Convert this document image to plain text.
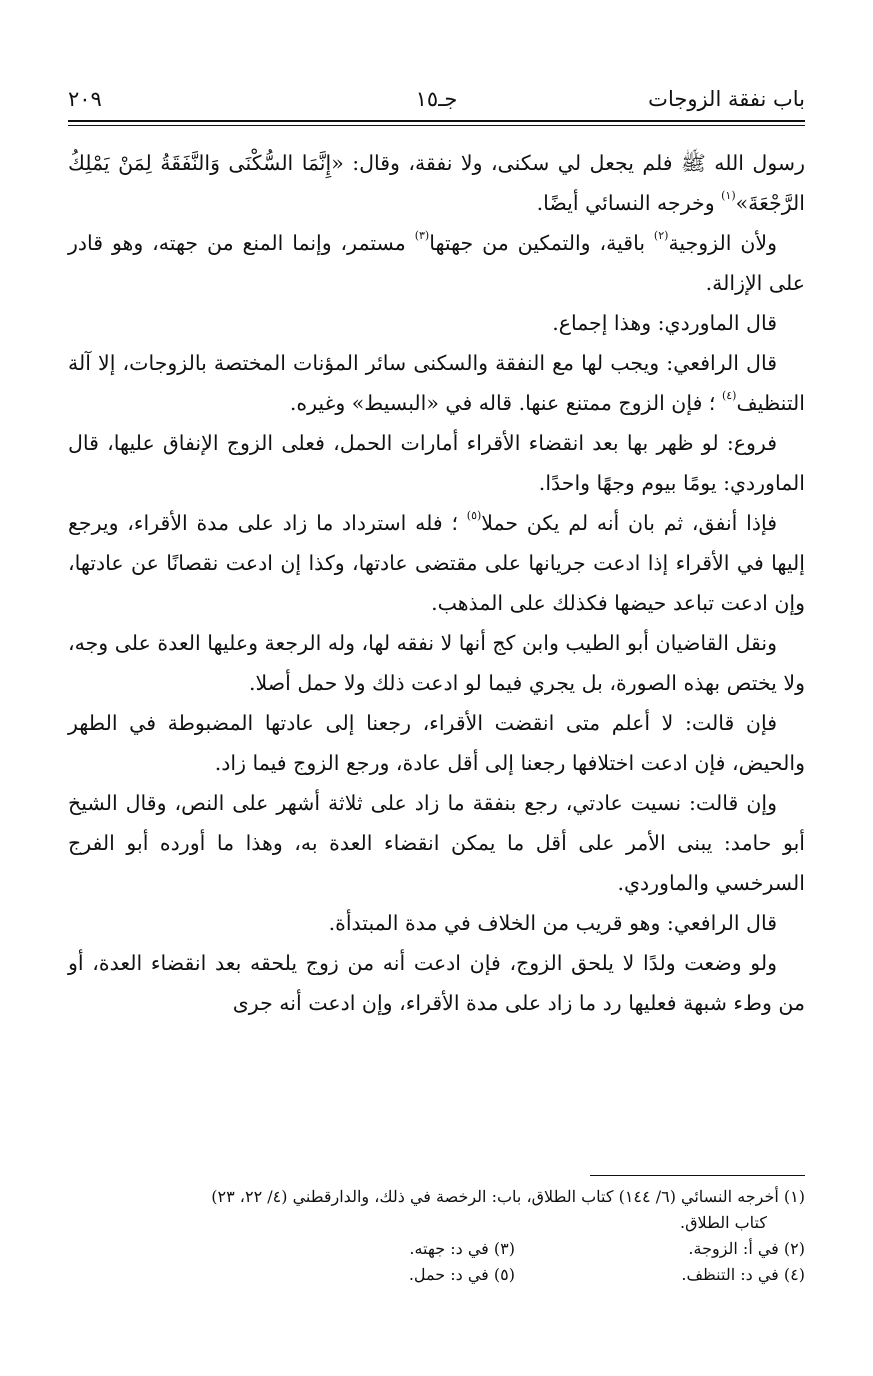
باب نفقة الزوجات
جـ١٥
٢٠٩

رسول الله ﷺ فلم يجعل لي سكنى، ولا نفقة، وقال: «إِنَّمَا السُّكْنَى وَالنَّفَقَةُ لِمَنْ يَمْلِكُ الرَّجْعَةَ»$^{(١)}$ وخرجه النسائي أيضًا.

ولأن الزوجية$^{(٢)}$ باقية، والتمكين من جهتها$^{(٣)}$ مستمر، وإنما المنع من جهته، وهو قادر على الإزالة.

قال الماوردي: وهذا إجماع.

قال الرافعي: ويجب لها مع النفقة والسكنى سائر المؤنات المختصة بالزوجات، إلا آلة التنظيف$^{(٤)}$ ؛ فإن الزوج ممتنع عنها. قاله في «البسيط» وغيره.

فروع: لو ظهر بها بعد انقضاء الأقراء أمارات الحمل، فعلى الزوج الإنفاق عليها، قال الماوردي: يومًا بيوم وجهًا واحدًا.

فإذا أنفق، ثم بان أنه لم يكن حملا$^{(٥)}$ ؛ فله استرداد ما زاد على مدة الأقراء، ويرجع إليها في الأقراء إذا ادعت جريانها على مقتضى عادتها، وكذا إن ادعت نقصانًا عن عادتها، وإن ادعت تباعد حيضها فكذلك على المذهب.

ونقل القاضيان أبو الطيب وابن كج أنها لا نفقه لها، وله الرجعة وعليها العدة على وجه، ولا يختص بهذه الصورة، بل يجري فيما لو ادعت ذلك ولا حمل أصلا.

فإن قالت: لا أعلم متى انقضت الأقراء، رجعنا إلى عادتها المضبوطة في الطهر والحيض، فإن ادعت اختلافها رجعنا إلى أقل عادة، ورجع الزوج فيما زاد.

وإن قالت: نسيت عادتي، رجع بنفقة ما زاد على ثلاثة أشهر على النص، وقال الشيخ أبو حامد: يبنى الأمر على أقل ما يمكن انقضاء العدة به، وهذا ما أورده أبو الفرج السرخسي والماوردي.

قال الرافعي: وهو قريب من الخلاف في مدة المبتدأة.

ولو وضعت ولدًا لا يلحق الزوج، فإن ادعت أنه من زوج يلحقه بعد انقضاء العدة، أو من وطء شبهة فعليها رد ما زاد على مدة الأقراء، وإن ادعت أنه جرى

(١) أخرجه النسائي (٦/ ١٤٤) كتاب الطلاق، باب: الرخصة في ذلك، والدارقطني (٤/ ٢٢، ٢٣)

كتاب الطلاق.

(٢) في أ: الزوجة.
(٣) في د: جهته.
(٤) في د: التنظف.
(٥) في د: حمل.
